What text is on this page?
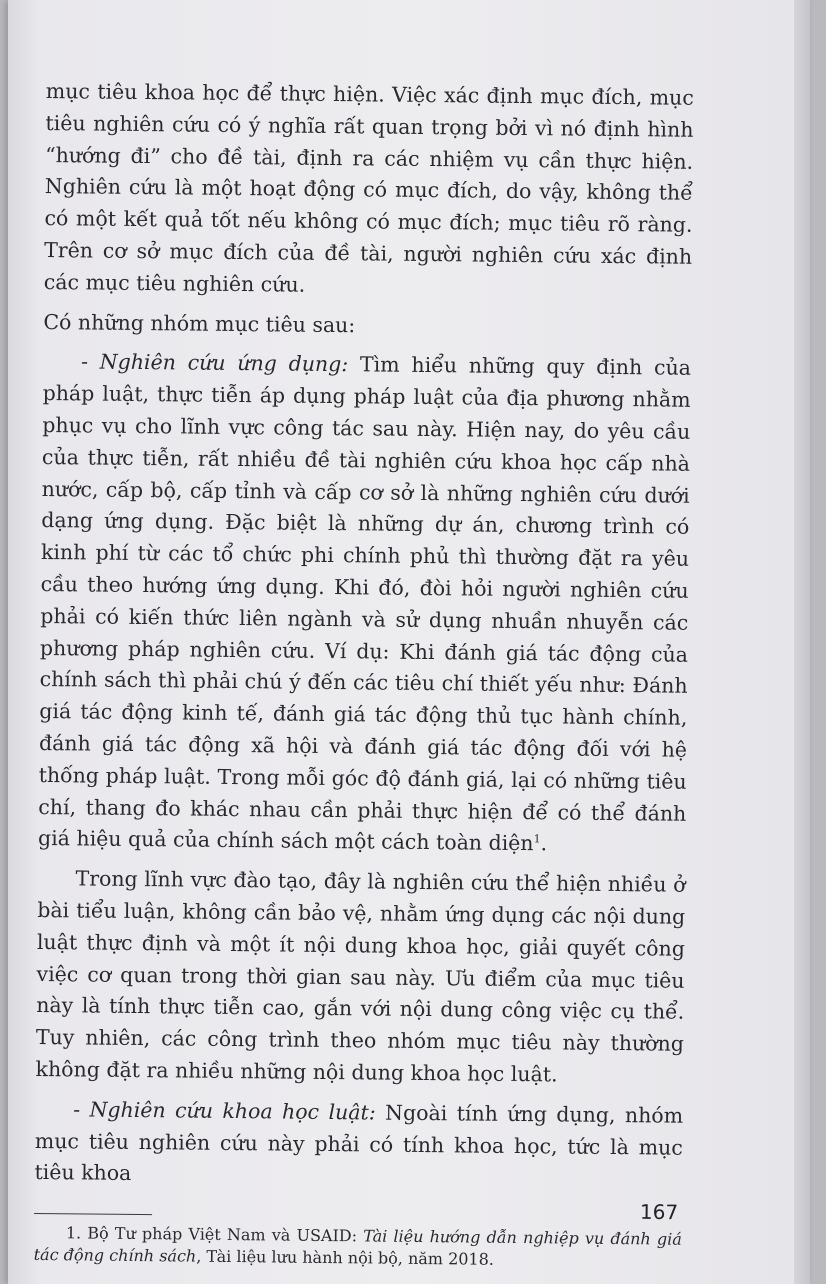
mục tiêu khoa học để thực hiện. Việc xác định mục đích, mục tiêu nghiên cứu có ý nghĩa rất quan trọng bởi vì nó định hình “hướng đi” cho đề tài, định ra các nhiệm vụ cần thực hiện. Nghiên cứu là một hoạt động có mục đích, do vậy, không thể có một kết quả tốt nếu không có mục đích; mục tiêu rõ ràng. Trên cơ sở mục đích của đề tài, người nghiên cứu xác định các mục tiêu nghiên cứu.

Có những nhóm mục tiêu sau:

- Nghiên cứu ứng dụng: Tìm hiểu những quy định của pháp luật, thực tiễn áp dụng pháp luật của địa phương nhằm phục vụ cho lĩnh vực công tác sau này. Hiện nay, do yêu cầu của thực tiễn, rất nhiều đề tài nghiên cứu khoa học cấp nhà nước, cấp bộ, cấp tỉnh và cấp cơ sở là những nghiên cứu dưới dạng ứng dụng. Đặc biệt là những dự án, chương trình có kinh phí từ các tổ chức phi chính phủ thì thường đặt ra yêu cầu theo hướng ứng dụng. Khi đó, đòi hỏi người nghiên cứu phải có kiến thức liên ngành và sử dụng nhuần nhuyễn các phương pháp nghiên cứu. Ví dụ: Khi đánh giá tác động của chính sách thì phải chú ý đến các tiêu chí thiết yếu như: Đánh giá tác động kinh tế, đánh giá tác động thủ tục hành chính, đánh giá tác động xã hội và đánh giá tác động đối với hệ thống pháp luật. Trong mỗi góc độ đánh giá, lại có những tiêu chí, thang đo khác nhau cần phải thực hiện để có thể đánh giá hiệu quả của chính sách một cách toàn diện$^1$.

Trong lĩnh vực đào tạo, đây là nghiên cứu thể hiện nhiều ở bài tiểu luận, không cần bảo vệ, nhằm ứng dụng các nội dung luật thực định và một ít nội dung khoa học, giải quyết công việc cơ quan trong thời gian sau này. Ưu điểm của mục tiêu này là tính thực tiễn cao, gắn với nội dung công việc cụ thể. Tuy nhiên, các công trình theo nhóm mục tiêu này thường không đặt ra nhiều những nội dung khoa học luật.

- Nghiên cứu khoa học luật: Ngoài tính ứng dụng, nhóm mục tiêu nghiên cứu này phải có tính khoa học, tức là mục tiêu khoa

1. Bộ Tư pháp Việt Nam và USAID: Tài liệu hướng dẫn nghiệp vụ đánh giá tác động chính sách, Tài liệu lưu hành nội bộ, năm 2018.

167
